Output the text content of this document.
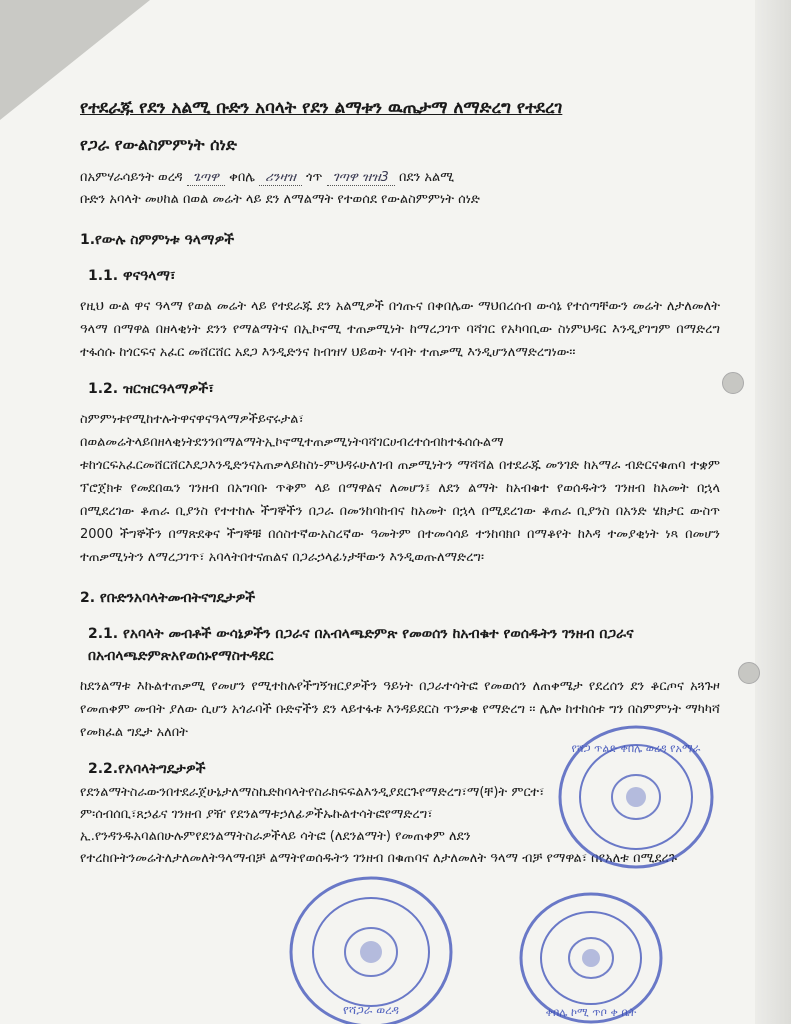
የተደራጁ የደን አልሚ ቡድን አባላት የደን ልማቱን ዉጤታማ ለማድረግ የተደረገ

የጋራ የውልስምምነት ሰነድ

በአምሃራሳይንት ወረዳ ጌጣዋ ቀበሌ ሪንዛዝ ጎጥ ገጣዋ ዝዝ3 በደን አልሚ

ቡድን አባላት መሀከል በወል መሬት ላይ ደን ለማልማት የተወሰደ የውልስምምነት ሰነድ

1.የውሉ ስምምነቱ ዓላማዎች

1.1. ዋናዓላማ፣

የዚህ ውል ዋና ዓላማ የወል መሬት ላይ የተደራጁ ደን አልሚዎች በጎጡና በቀበሌው ማህበረሰብ ውሳኔ የተሰጣቸውን መሬት ለታለመለት ዓላማ በማዋል በዘላቂነት ደንን የማልማትና በኢኮኖሚ ተጠቃሚነት ከማረጋገጥ ባሻገር የአካባቢው ስነምህዳር እንዲያገግም በማድረግ ተፋሰሱ ከጎርፍና አፈር መሸርሸር አደጋ እንዲድንና ከብዝሃ ህይወት ሃብት ተጠቃሚ እንዲሆንለማድረግነው፡፡

1.2. ዝርዝርዓላማዎች፣

ስምምነቱየሚከተሉትዋናዋናዓላማዎችይኖሩታል፣ በወልመሬትላይበዘላቂነትደንንበማልማትኢኮኖሚተጠቃሚነትባሻገርሀብረተሰብከተፋሰሱልማ ቱከጎርፍአፈርመሸርሸርእደጋእንዲድንናአጠቃላይከስነ-ምህዳሩሁለገብ ጠቃሚነትን ማሻሻል በተደራጁ መንገድ ከአማራ ብድርናቁጠባ ተቋም ፕሮጀክቱ የመደበዉን ገንዘብ በአግባቡ ጥቅም ላይ በማዋልና ለመሆን፤ ለደን ልማት ከአብቁተ የወሰዱትን ገንዘብ ከአመት በኋላ በሚደረገው ቆጠራ ቢያንስ የተተከሉ ችግኞችን በጋራ በመንከባከብና ከአመት በኋላ በሚደረገው ቆጠራ ቢያንስ በአንድ ሄክታር ውስጥ 2000 ችግኞችን በማጽደቅና ችግኞቹ በሰስተኛውአስረኛው ዓመትም በተመሳሳይ ተንከባክቦ በማቆየት ከእዳ ተመያቂነት ነጻ በመሆን ተጠቃሚነትን ለማረጋገጥ፣ አባላትበተናጠልና በጋራኃላፊነታቸውን እንዲወጡለማድረግ፡

2. የቡድንአባላትመብትናግዴታዎች

2.1. የአባላት መብቶች ውሳኔዎችን በጋራና በአብላጫድምጽ የመወሰን ከአብቁተ የወሰዱትን ገንዘብ በጋራና በአብላጫድምጽአየወሰኑየማስተዳደር

ከደንልማቱ እኩልተጠቃሚ የመሆን የሚተከሉየችግኝዝርያዎችን ዓይነት በጋራተሳትፎ የመወሰን ለጠቀሜታ የደረሰን ደን ቆርጦና አጓጉዞ የመጠቀም መብት ያለው ሲሆን አጎራባች ቡድኖችን ደን ላይተፋቱ እንዳይደርስ ጥንቃቄ የማድረግ ፡፡ ሌሎ ከተከሰቱ ግን በስምምነት ማካካሻ የመክፈል ግዴታ አለበት

2.2.የአባላትግዴታዎች

የደንልማትስራውንበተደራጀሁኔታለማስኬድከባላትየስራክፍፍልእንዲያደርጉየማድረግ፣ማ(ቸ)ት ምርተ፣

ም፡ሰብሰቢ፣ጸኃፊና ገንዘብ ያዥ የደንልማቱኃለፊዎችኡኩልተሳትፎየማድረግ፣

ኢ.የንዳንዱአባልበሁሉምየደንልማትስራዎችላይ ሳትፎ (ለደንልማት) የመጠቀም ለደን

የተረከቡትንመሬትለታለመለትዓላማብቻ ልማትየወሰዱትን ገንዘብ በቁጠባና ለታለመለት ዓላማ ብቻ የማዋል፣ በየአለቱ በሚደረጉ

የሻጋ ጥልድ ቀበሌ ወረዳ የአማራ
የሻጋራ ወረዳ	ቀበሌ ኮሚ ጥቦ ቀ ቤት
